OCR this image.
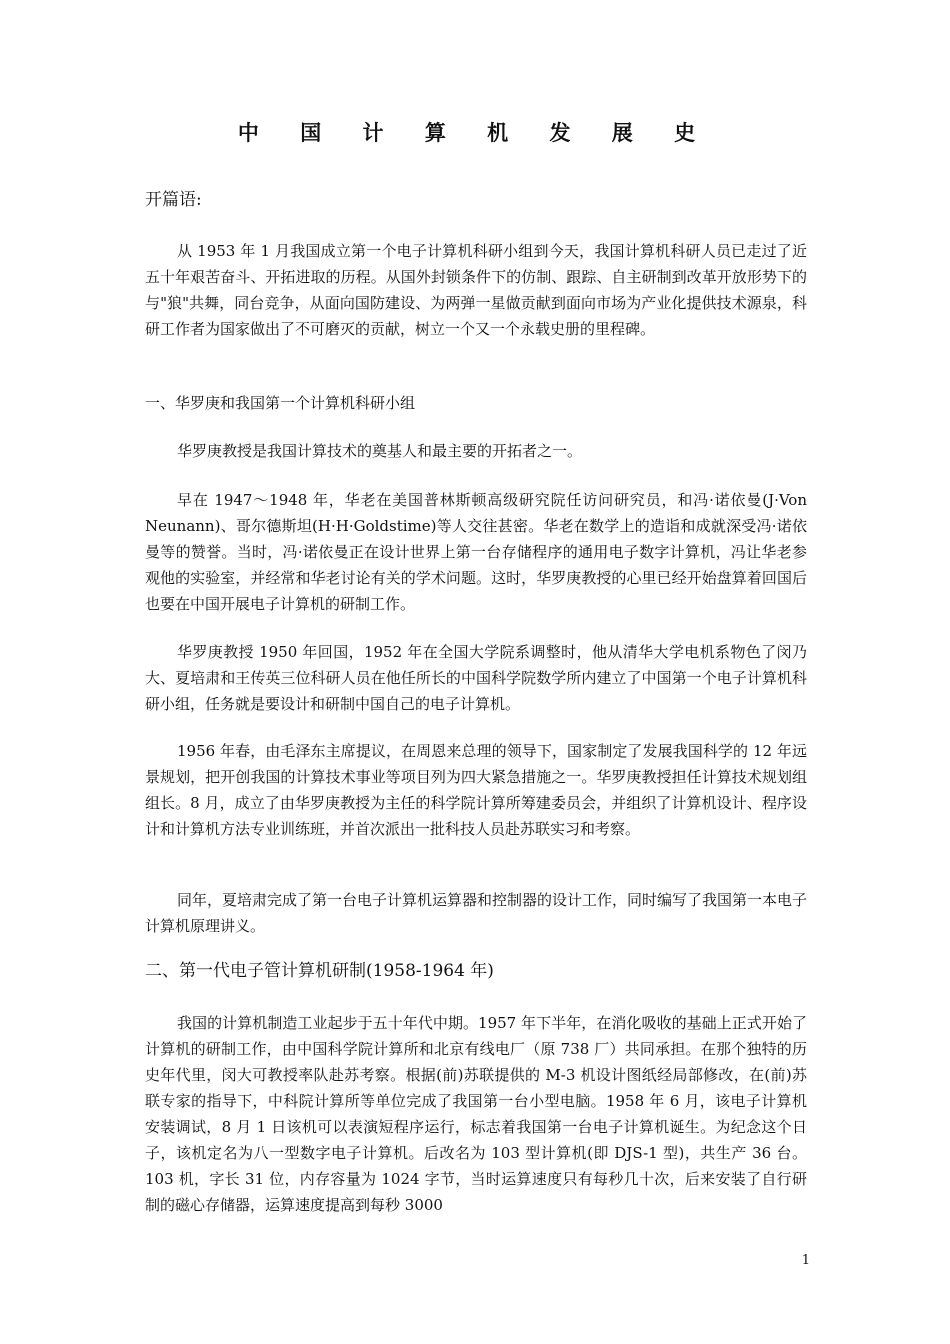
中 国 计 算 机 发 展 史
开篇语:
从 1953 年 1 月我国成立第一个电子计算机科研小组到今天，我国计算机科研人员已走过了近五十年艰苦奋斗、开拓进取的历程。从国外封锁条件下的仿制、跟踪、自主研制到改革开放形势下的与"狼"共舞，同台竞争，从面向国防建设、为两弹一星做贡献到面向市场为产业化提供技术源泉，科研工作者为国家做出了不可磨灭的贡献，树立一个又一个永载史册的里程碑。
一、华罗庚和我国第一个计算机科研小组
华罗庚教授是我国计算技术的奠基人和最主要的开拓者之一。
早在 1947～1948 年，华老在美国普林斯顿高级研究院任访问研究员，和冯·诺依曼(J·Von Neunann)、哥尔德斯坦(H·H·Goldstime)等人交往甚密。华老在数学上的造诣和成就深受冯·诺依曼等的赞誉。当时，冯·诺依曼正在设计世界上第一台存储程序的通用电子数字计算机，冯让华老参观他的实验室，并经常和华老讨论有关的学术问题。这时，华罗庚教授的心里已经开始盘算着回国后也要在中国开展电子计算机的研制工作。
华罗庚教授 1950 年回国，1952 年在全国大学院系调整时，他从清华大学电机系物色了闵乃大、夏培肃和王传英三位科研人员在他任所长的中国科学院数学所内建立了中国第一个电子计算机科研小组，任务就是要设计和研制中国自己的电子计算机。
1956 年春，由毛泽东主席提议，在周恩来总理的领导下，国家制定了发展我国科学的 12 年远景规划，把开创我国的计算技术事业等项目列为四大紧急措施之一。华罗庚教授担任计算技术规划组组长。8 月，成立了由华罗庚教授为主任的科学院计算所筹建委员会，并组织了计算机设计、程序设计和计算机方法专业训练班，并首次派出一批科技人员赴苏联实习和考察。
同年，夏培肃完成了第一台电子计算机运算器和控制器的设计工作，同时编写了我国第一本电子计算机原理讲义。
二、第一代电子管计算机研制(1958-1964 年)
我国的计算机制造工业起步于五十年代中期。1957 年下半年，在消化吸收的基础上正式开始了计算机的研制工作，由中国科学院计算所和北京有线电厂（原 738 厂）共同承担。在那个独特的历史年代里，闵大可教授率队赴苏考察。根据(前)苏联提供的 M-3 机设计图纸经局部修改，在(前)苏联专家的指导下，中科院计算所等单位完成了我国第一台小型电脑。1958 年 6 月，该电子计算机安装调试，8 月 1 日该机可以表演短程序运行，标志着我国第一台电子计算机诞生。为纪念这个日子，该机定名为八一型数字电子计算机。后改名为 103 型计算机(即 DJS-1 型)，共生产 36 台。103 机，字长 31 位，内存容量为 1024 字节，当时运算速度只有每秒几十次，后来安装了自行研制的磁心存储器，运算速度提高到每秒 3000
1
